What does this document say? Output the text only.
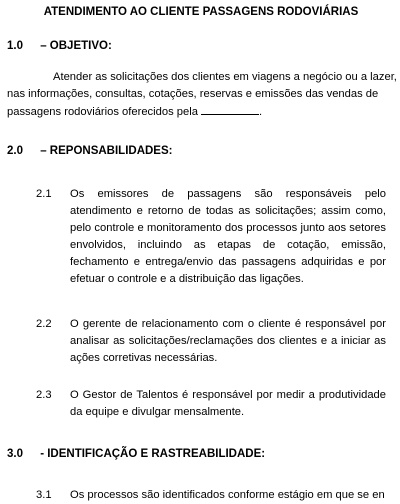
ATENDIMENTO AO CLIENTE PASSAGENS RODOVIÁRIAS
1.0 – OBJETIVO:
Atender as solicitações dos clientes em viagens a negócio ou a lazer,
nas informações, consultas, cotações, reservas e emissões das vendas de
passagens rodoviários oferecidos pela	.
2.0 – REPONSABILIDADES:
2.1 Os emissores de passagens são responsáveis pelo atendimento e retorno de todas as solicitações; assim como, pelo controle e monitoramento dos processos junto aos setores envolvidos, incluindo as etapas de cotação, emissão, fechamento e entrega/envio das passagens adquiridas e por efetuar o controle e a distribuição das ligações.
2.2 O gerente de relacionamento com o cliente é responsável por analisar as solicitações/reclamações dos clientes e a iniciar as ações corretivas necessárias.
2.3 O Gestor de Talentos é responsável por medir a produtividade da equipe e divulgar mensalmente.
3.0 - IDENTIFICAÇÃO E RASTREABILIDADE:
3.1 Os processos são identificados conforme estágio em que se en
